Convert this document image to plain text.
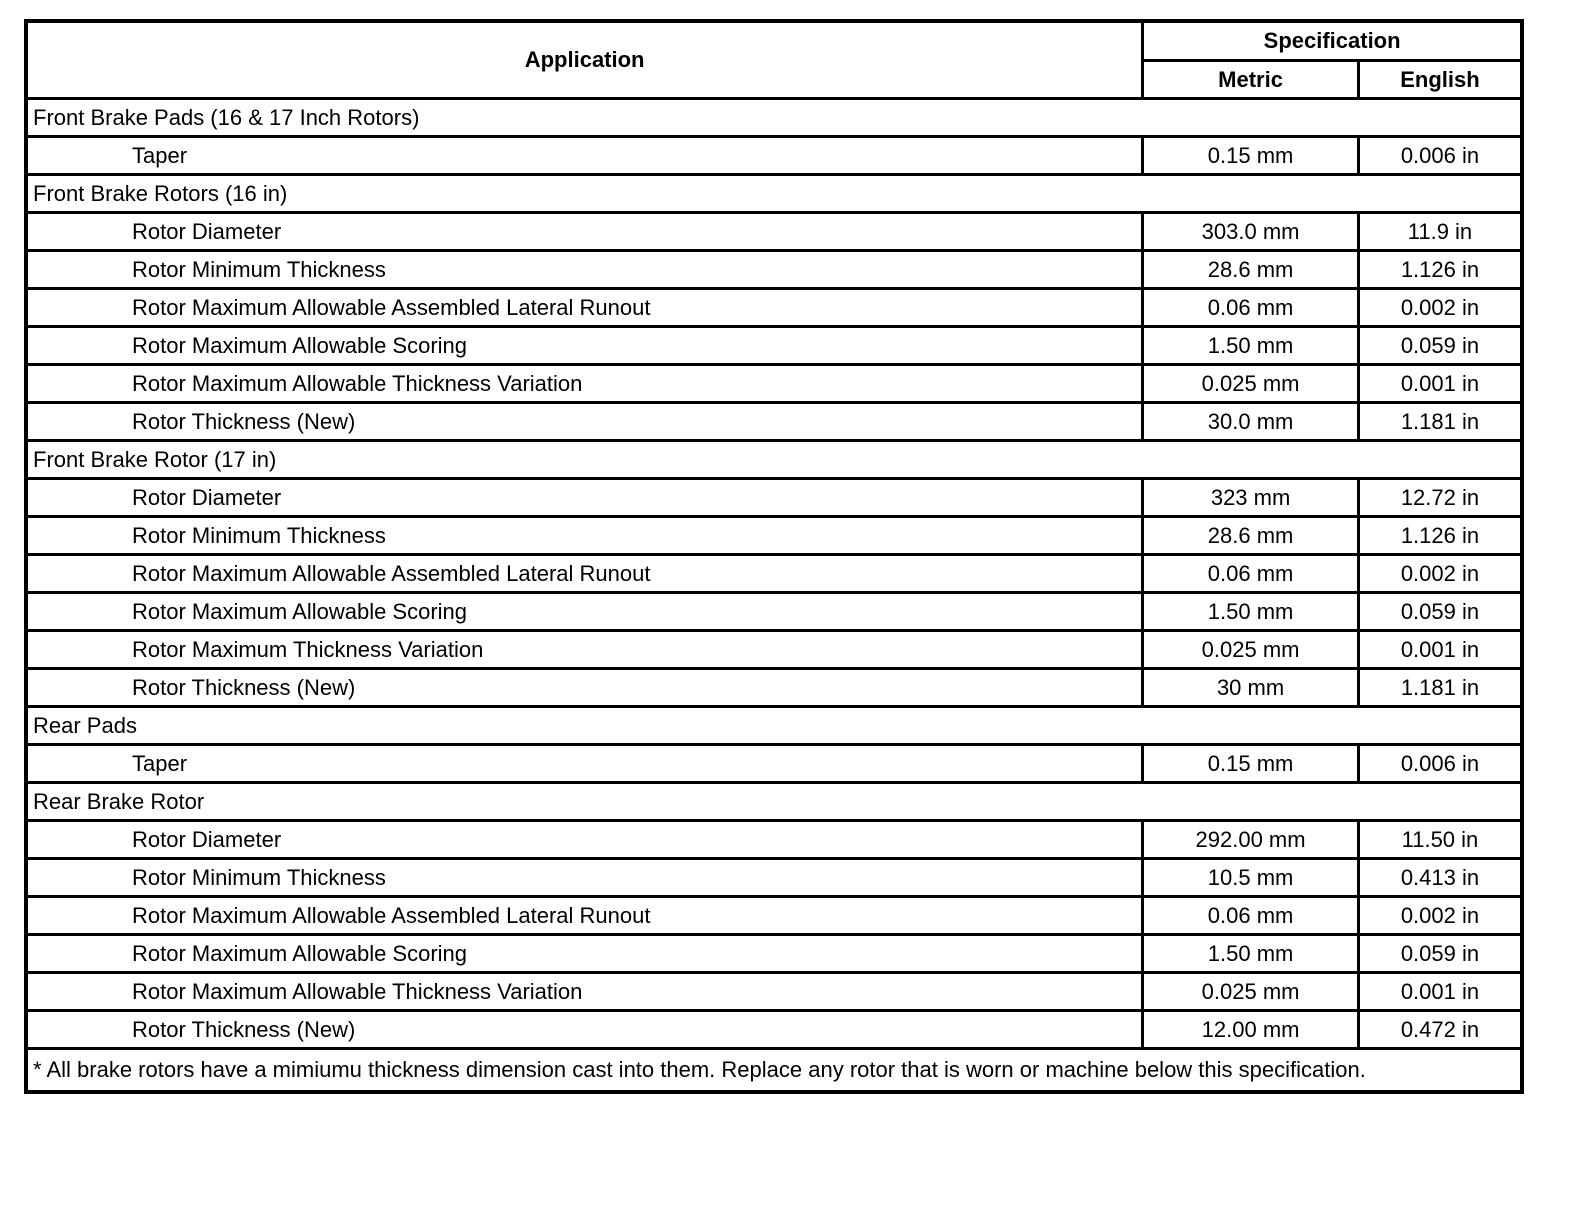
Application	Specification	
	Metric	English
Front Brake Pads (16 & 17 Inch Rotors)		
Taper	0.15 mm	0.006 in
Front Brake Rotors (16 in)		
Rotor Diameter	303.0 mm	11.9 in
Rotor Minimum Thickness	28.6 mm	1.126 in
Rotor Maximum Allowable Assembled Lateral Runout	0.06 mm	0.002 in
Rotor Maximum Allowable Scoring	1.50 mm	0.059 in
Rotor Maximum Allowable Thickness Variation	0.025 mm	0.001 in
Rotor Thickness (New)	30.0 mm	1.181 in
Front Brake Rotor (17 in)		
Rotor Diameter	323 mm	12.72 in
Rotor Minimum Thickness	28.6 mm	1.126 in
Rotor Maximum Allowable Assembled Lateral Runout	0.06 mm	0.002 in
Rotor Maximum Allowable Scoring	1.50 mm	0.059 in
Rotor Maximum Thickness Variation	0.025 mm	0.001 in
Rotor Thickness (New)	30 mm	1.181 in
Rear Pads		
Taper	0.15 mm	0.006 in
Rear Brake Rotor		
Rotor Diameter	292.00 mm	11.50 in
Rotor Minimum Thickness	10.5 mm	0.413 in
Rotor Maximum Allowable Assembled Lateral Runout	0.06 mm	0.002 in
Rotor Maximum Allowable Scoring	1.50 mm	0.059 in
Rotor Maximum Allowable Thickness Variation	0.025 mm	0.001 in
Rotor Thickness (New)	12.00 mm	0.472 in
* All brake rotors have a mimiumu thickness dimension cast into them. Replace any rotor that is worn or machine below this specification.		
